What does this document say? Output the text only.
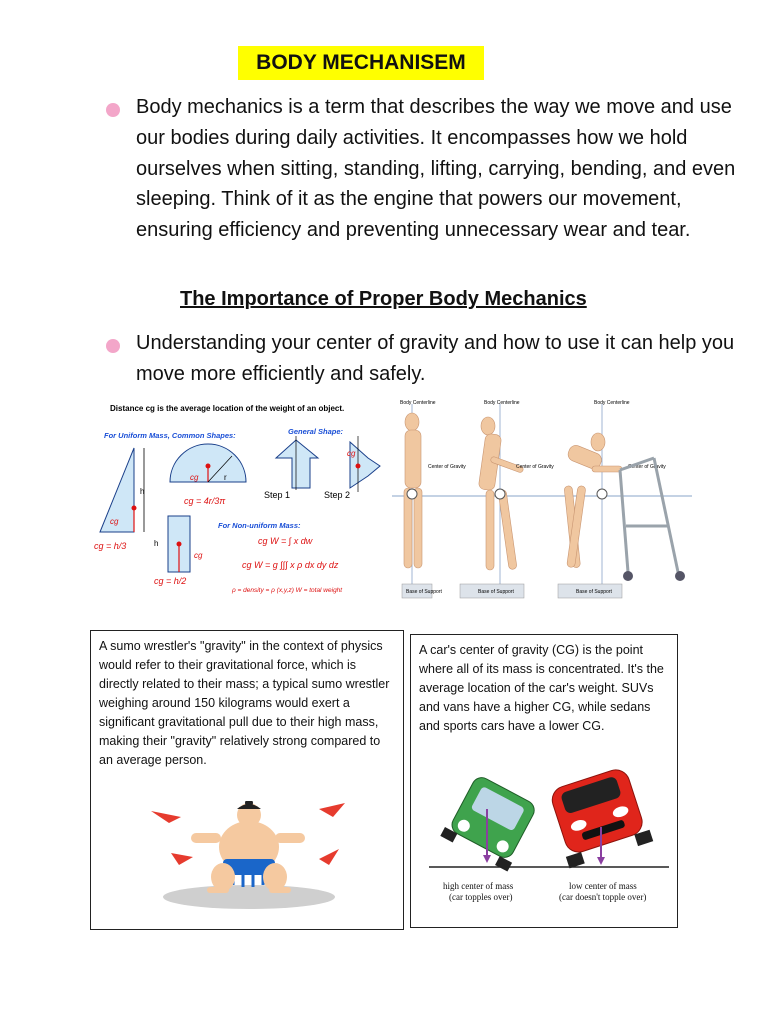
BODY MECHANISEM

Body mechanics is a term that describes the way we move and use our bodies during daily activities. It encompasses how we hold ourselves when sitting, standing, lifting, carrying, bending, and even sleeping. Think of it as the engine that powers our movement, ensuring efficiency and preventing unnecessary wear and tear.

The Importance of Proper Body Mechanics

Understanding your center of gravity and how to use it can help you move more efficiently and safely.

Distance cg is the average location of the weight of an object.
For Uniform Mass, Common Shapes:	General Shape:
h
cg
cg = h/3
r
cg
cg = 4r/3π
h
cg
cg = h/2
cg
Step 1	Step 2
For Non-uniform Mass:
cg W = ∫ x dw
cg W = g ∫∫∫ x ρ dx dy dz
ρ = density = ρ (x,y,z) W = total weight
Body Centerline	Body Centerline	Body Centerline
Center of Gravity	Center of Gravity	Center of Gravity
Base of Support	Base of Support	Base of Support
A sumo wrestler's "gravity" in the context of physics would refer to their gravitational force, which is directly related to their mass; a typical sumo wrestler weighing around 150 kilograms would exert a significant gravitational pull due to their high mass, making their "gravity" relatively strong compared to an average person.
A car's center of gravity (CG) is the point where all of its mass is concentrated. It's the average location of the car's weight. SUVs and vans have a higher CG, while sedans and sports cars have a lower CG.
high center of mass
(car topples over)
low center of mass
(car doesn't topple over)
